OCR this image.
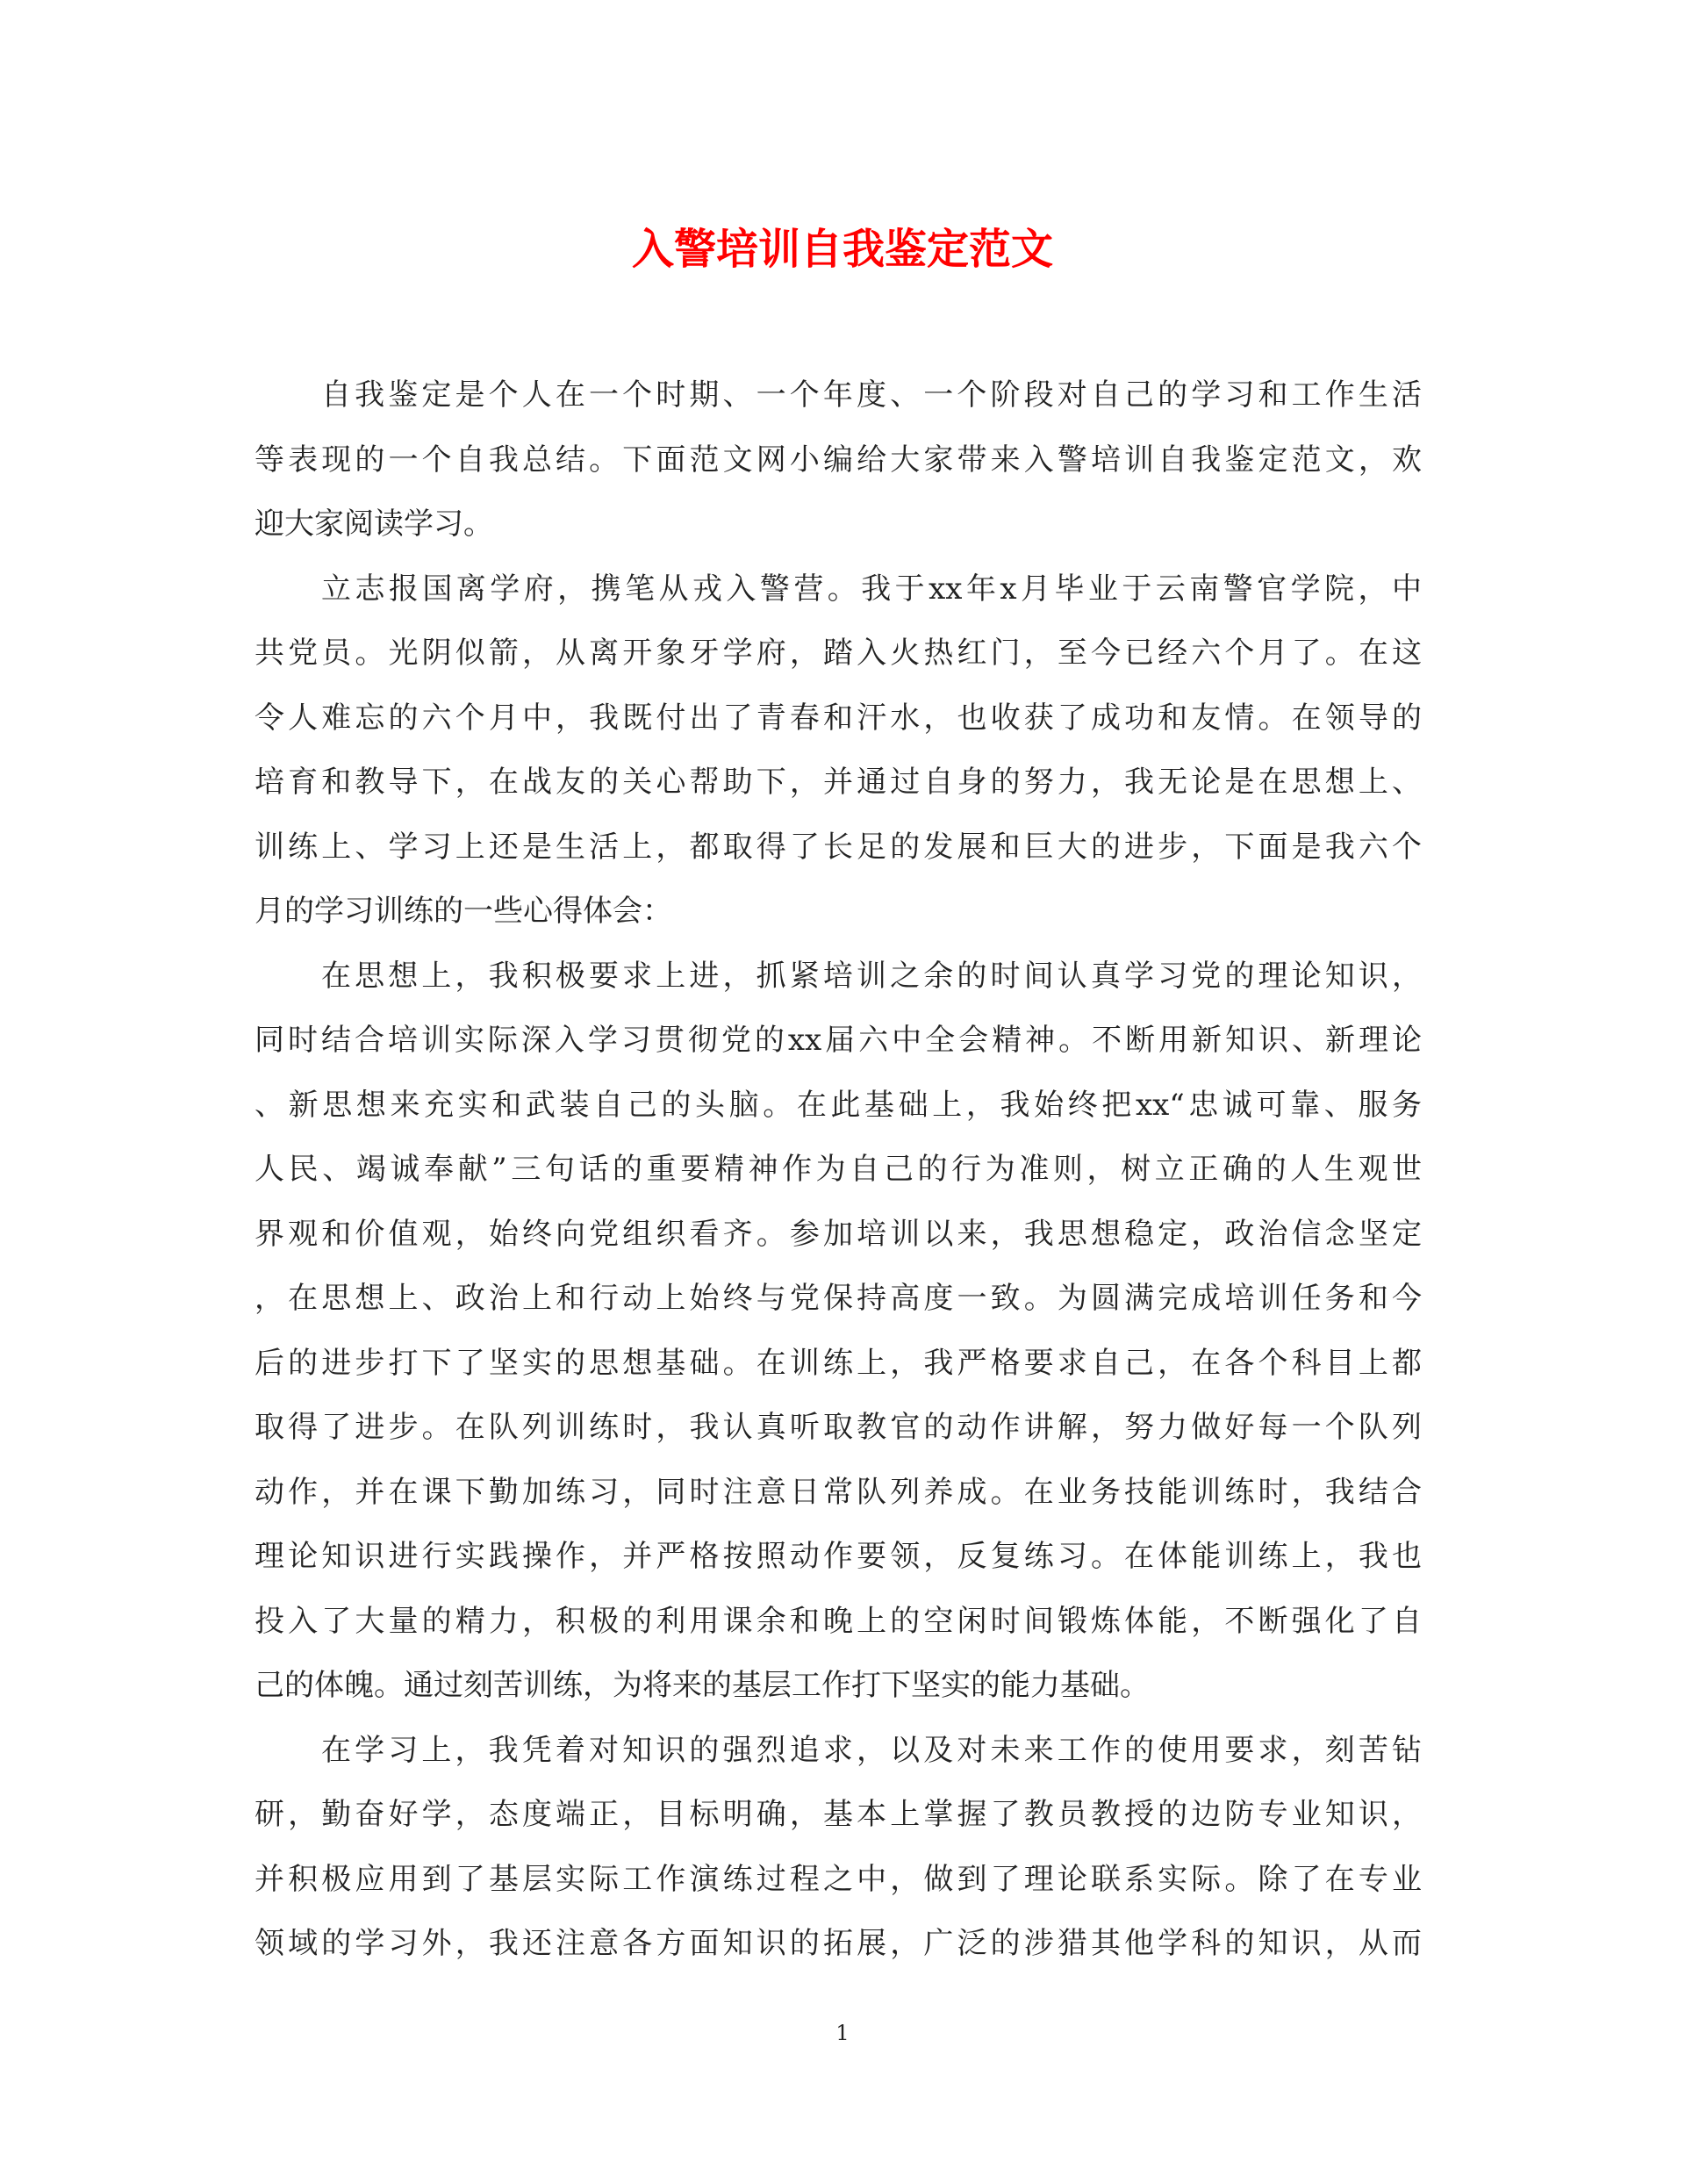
入警培训自我鉴定范文
自我鉴定是个人在一个时期、一个年度、一个阶段对自己的学习和工作生活
等表现的一个自我总结。下面范文网小编给大家带来入警培训自我鉴定范文，欢
迎大家阅读学习。
立志报国离学府，携笔从戎入警营。我于xx年x月毕业于云南警官学院，中
共党员。光阴似箭，从离开象牙学府，踏入火热红门，至今已经六个月了。在这
令人难忘的六个月中，我既付出了青春和汗水，也收获了成功和友情。在领导的
培育和教导下，在战友的关心帮助下，并通过自身的努力，我无论是在思想上、
训练上、学习上还是生活上，都取得了长足的发展和巨大的进步，下面是我六个
月的学习训练的一些心得体会：
在思想上，我积极要求上进，抓紧培训之余的时间认真学习党的理论知识，
同时结合培训实际深入学习贯彻党的xx届六中全会精神。不断用新知识、新理论
、新思想来充实和武装自己的头脑。在此基础上，我始终把xx“忠诚可靠、服务
人民、竭诚奉献”三句话的重要精神作为自己的行为准则，树立正确的人生观世
界观和价值观，始终向党组织看齐。参加培训以来，我思想稳定，政治信念坚定
，在思想上、政治上和行动上始终与党保持高度一致。为圆满完成培训任务和今
后的进步打下了坚实的思想基础。在训练上，我严格要求自己，在各个科目上都
取得了进步。在队列训练时，我认真听取教官的动作讲解，努力做好每一个队列
动作，并在课下勤加练习，同时注意日常队列养成。在业务技能训练时，我结合
理论知识进行实践操作，并严格按照动作要领，反复练习。在体能训练上，我也
投入了大量的精力，积极的利用课余和晚上的空闲时间锻炼体能，不断强化了自
己的体魄。通过刻苦训练，为将来的基层工作打下坚实的能力基础。
在学习上，我凭着对知识的强烈追求，以及对未来工作的使用要求，刻苦钻
研，勤奋好学，态度端正，目标明确，基本上掌握了教员教授的边防专业知识，
并积极应用到了基层实际工作演练过程之中，做到了理论联系实际。除了在专业
领域的学习外，我还注意各方面知识的拓展，广泛的涉猎其他学科的知识，从而

1
